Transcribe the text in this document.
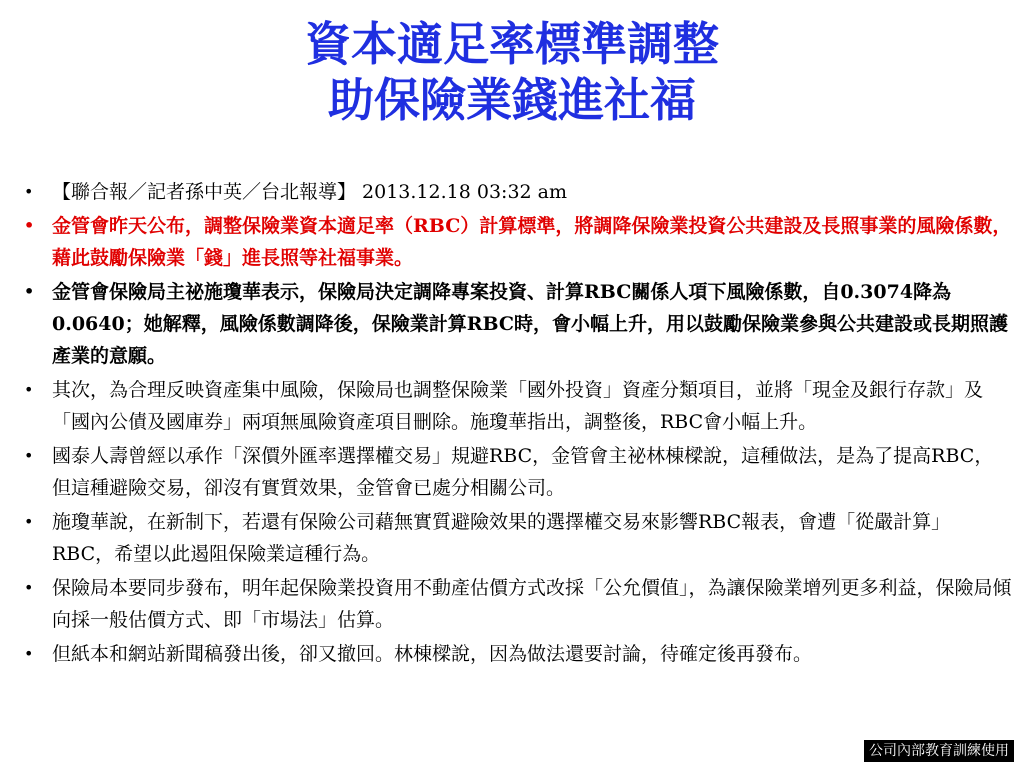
資本適足率標準調整
助保險業錢進社福
• 【聯合報／記者孫中英／台北報導】 2013.12.18 03:32 am
• 金管會昨天公布，調整保險業資本適足率（RBC）計算標準，將調降保險業投資公共建設及長照事業的風險係數，藉此鼓勵保險業「錢」進長照等社福事業。
• 金管會保險局主祕施瓊華表示，保險局決定調降專案投資、計算RBC關係人項下風險係數，自0.3074降為0.0640；她解釋，風險係數調降後，保險業計算RBC時，會小幅上升，用以鼓勵保險業參與公共建設或長期照護產業的意願。
• 其次，為合理反映資產集中風險，保險局也調整保險業「國外投資」資產分類項目，並將「現金及銀行存款」及「國內公債及國庫券」兩項無風險資產項目刪除。施瓊華指出，調整後，RBC會小幅上升。
• 國泰人壽曾經以承作「深價外匯率選擇權交易」規避RBC，金管會主祕林棟樑說，這種做法，是為了提高RBC，但這種避險交易，卻沒有實質效果，金管會已處分相關公司。
• 施瓊華說，在新制下，若還有保險公司藉無實質避險效果的選擇權交易來影響RBC報表，會遭「從嚴計算」RBC，希望以此遏阻保險業這種行為。
• 保險局本要同步發布，明年起保險業投資用不動產估價方式改採「公允價值」，為讓保險業增列更多利益，保險局傾向採一般估價方式、即「市場法」估算。
• 但紙本和網站新聞稿發出後，卻又撤回。林棟樑說，因為做法還要討論，待確定後再發布。
公司內部教育訓練使用
